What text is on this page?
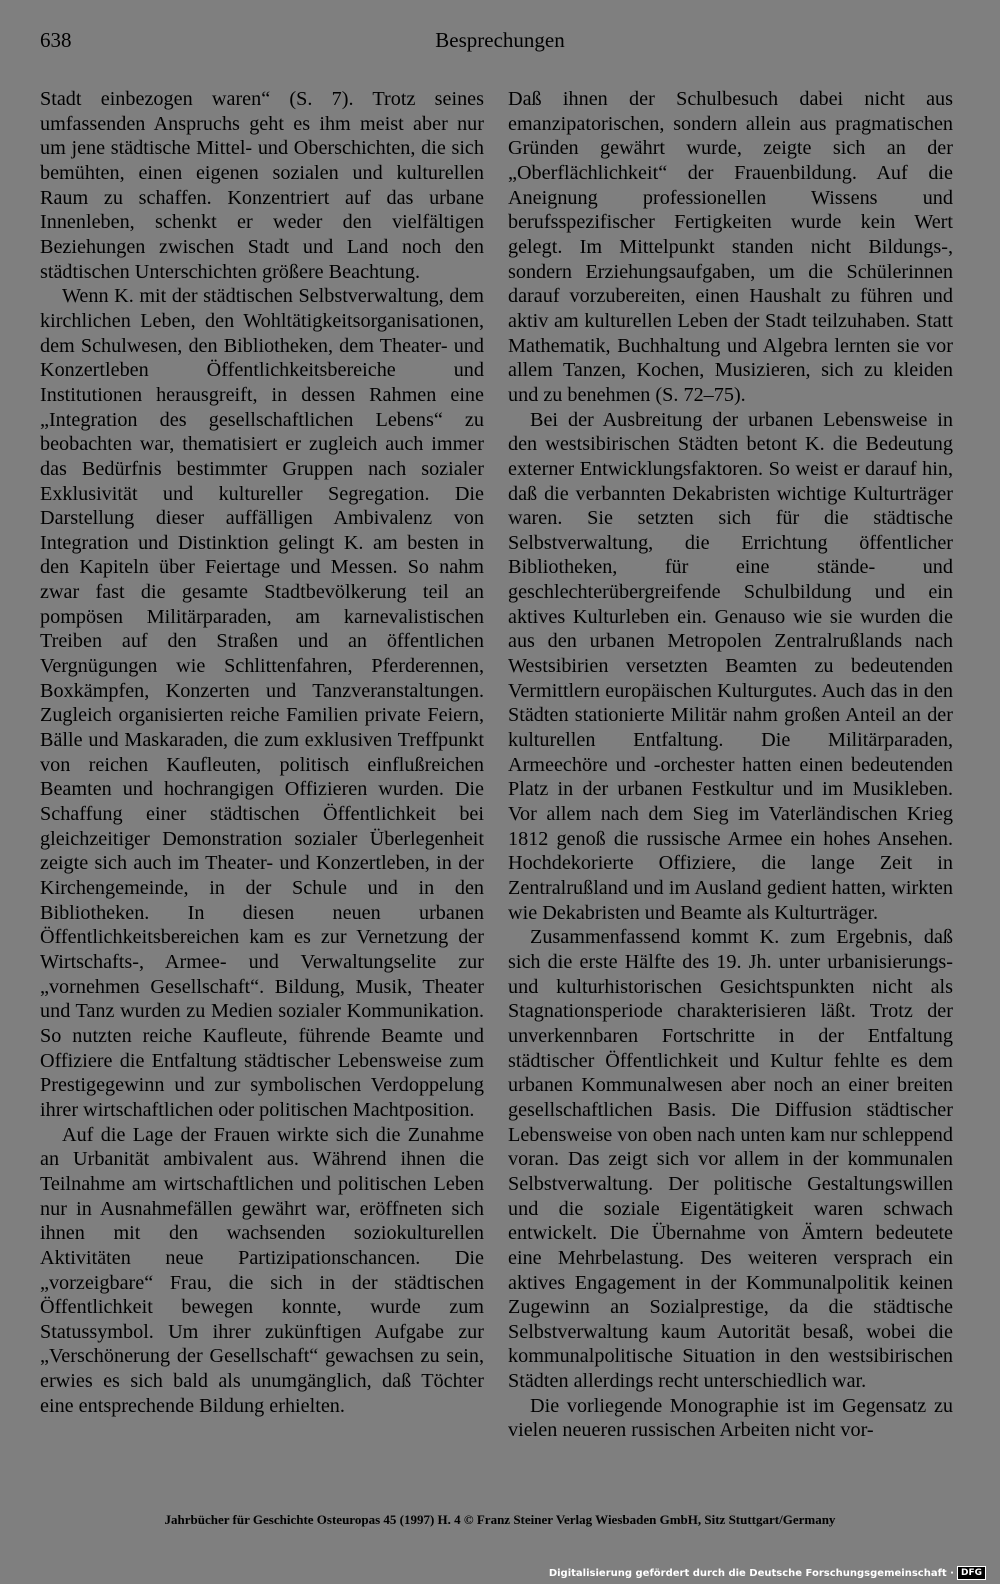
638	Besprechungen

Stadt einbezogen waren“ (S. 7). Trotz seines umfassenden Anspruchs geht es ihm meist aber nur um jene städtische Mittel- und Oberschichten, die sich bemühten, einen eigenen sozialen und kulturellen Raum zu schaffen. Konzentriert auf das urbane Innenleben, schenkt er weder den vielfältigen Beziehungen zwischen Stadt und Land noch den städtischen Unterschichten größere Beachtung.

Wenn K. mit der städtischen Selbstverwaltung, dem kirchlichen Leben, den Wohltätigkeitsorganisationen, dem Schulwesen, den Bibliotheken, dem Theater- und Konzertleben Öffentlichkeitsbereiche und Institutionen herausgreift, in dessen Rahmen eine „Integration des gesellschaftlichen Lebens“ zu beobachten war, thematisiert er zugleich auch immer das Bedürfnis bestimmter Gruppen nach sozialer Exklusivität und kultureller Segregation. Die Darstellung dieser auffälligen Ambivalenz von Integration und Distinktion gelingt K. am besten in den Kapiteln über Feiertage und Messen. So nahm zwar fast die gesamte Stadtbevölkerung teil an pompösen Militärparaden, am karnevalistischen Treiben auf den Straßen und an öffentlichen Vergnügungen wie Schlittenfahren, Pferderennen, Boxkämpfen, Konzerten und Tanzveranstaltungen. Zugleich organisierten reiche Familien private Feiern, Bälle und Maskaraden, die zum exklusiven Treffpunkt von reichen Kaufleuten, politisch einflußreichen Beamten und hochrangigen Offizieren wurden. Die Schaffung einer städtischen Öffentlichkeit bei gleichzeitiger Demonstration sozialer Überlegenheit zeigte sich auch im Theater- und Konzertleben, in der Kirchengemeinde, in der Schule und in den Bibliotheken. In diesen neuen urbanen Öffentlichkeitsbereichen kam es zur Vernetzung der Wirtschafts-, Armee- und Verwaltungselite zur „vornehmen Gesellschaft“. Bildung, Musik, Theater und Tanz wurden zu Medien sozialer Kommunikation. So nutzten reiche Kaufleute, führende Beamte und Offiziere die Entfaltung städtischer Lebensweise zum Prestigegewinn und zur symbolischen Verdoppelung ihrer wirtschaftlichen oder politischen Machtposition.

Auf die Lage der Frauen wirkte sich die Zunahme an Urbanität ambivalent aus. Während ihnen die Teilnahme am wirtschaftlichen und politischen Leben nur in Ausnahmefällen gewährt war, eröffneten sich ihnen mit den wachsenden soziokulturellen Aktivitäten neue Partizipationschancen. Die „vorzeigbare“ Frau, die sich in der städtischen Öffentlichkeit bewegen konnte, wurde zum Statussymbol. Um ihrer zukünftigen Aufgabe zur „Verschönerung der Gesellschaft“ gewachsen zu sein, erwies es sich bald als unumgänglich, daß Töchter eine entsprechende Bildung erhielten.

Daß ihnen der Schulbesuch dabei nicht aus emanzipatorischen, sondern allein aus pragmatischen Gründen gewährt wurde, zeigte sich an der „Oberflächlichkeit“ der Frauenbildung. Auf die Aneignung professionellen Wissens und berufsspezifischer Fertigkeiten wurde kein Wert gelegt. Im Mittelpunkt standen nicht Bildungs-, sondern Erziehungsaufgaben, um die Schülerinnen darauf vorzubereiten, einen Haushalt zu führen und aktiv am kulturellen Leben der Stadt teilzuhaben. Statt Mathematik, Buchhaltung und Algebra lernten sie vor allem Tanzen, Kochen, Musizieren, sich zu kleiden und zu benehmen (S. 72–75).

Bei der Ausbreitung der urbanen Lebensweise in den westsibirischen Städten betont K. die Bedeutung externer Entwicklungsfaktoren. So weist er darauf hin, daß die verbannten Dekabristen wichtige Kulturträger waren. Sie setzten sich für die städtische Selbstverwaltung, die Errichtung öffentlicher Bibliotheken, für eine stände- und geschlechterübergreifende Schulbildung und ein aktives Kulturleben ein. Genauso wie sie wurden die aus den urbanen Metropolen Zentralrußlands nach Westsibirien versetzten Beamten zu bedeutenden Vermittlern europäischen Kulturgutes. Auch das in den Städten stationierte Militär nahm großen Anteil an der kulturellen Entfaltung. Die Militärparaden, Armeechöre und -orchester hatten einen bedeutenden Platz in der urbanen Festkultur und im Musikleben. Vor allem nach dem Sieg im Vaterländischen Krieg 1812 genoß die russische Armee ein hohes Ansehen. Hochdekorierte Offiziere, die lange Zeit in Zentralrußland und im Ausland gedient hatten, wirkten wie Dekabristen und Beamte als Kulturträger.

Zusammenfassend kommt K. zum Ergebnis, daß sich die erste Hälfte des 19. Jh. unter urbanisierungs- und kulturhistorischen Gesichtspunkten nicht als Stagnationsperiode charakterisieren läßt. Trotz der unverkennbaren Fortschritte in der Entfaltung städtischer Öffentlichkeit und Kultur fehlte es dem urbanen Kommunalwesen aber noch an einer breiten gesellschaftlichen Basis. Die Diffusion städtischer Lebensweise von oben nach unten kam nur schleppend voran. Das zeigt sich vor allem in der kommunalen Selbstverwaltung. Der politische Gestaltungswillen und die soziale Eigentätigkeit waren schwach entwickelt. Die Übernahme von Ämtern bedeutete eine Mehrbelastung. Des weiteren versprach ein aktives Engagement in der Kommunalpolitik keinen Zugewinn an Sozialprestige, da die städtische Selbstverwaltung kaum Autorität besaß, wobei die kommunalpolitische Situation in den westsibirischen Städten allerdings recht unterschiedlich war.

Die vorliegende Monographie ist im Gegensatz zu vielen neueren russischen Arbeiten nicht vor-

Jahrbücher für Geschichte Osteuropas 45 (1997) H. 4 © Franz Steiner Verlag Wiesbaden GmbH, Sitz Stuttgart/Germany
Digitalisierung gefördert durch die Deutsche Forschungsgemeinschaft · DFG
